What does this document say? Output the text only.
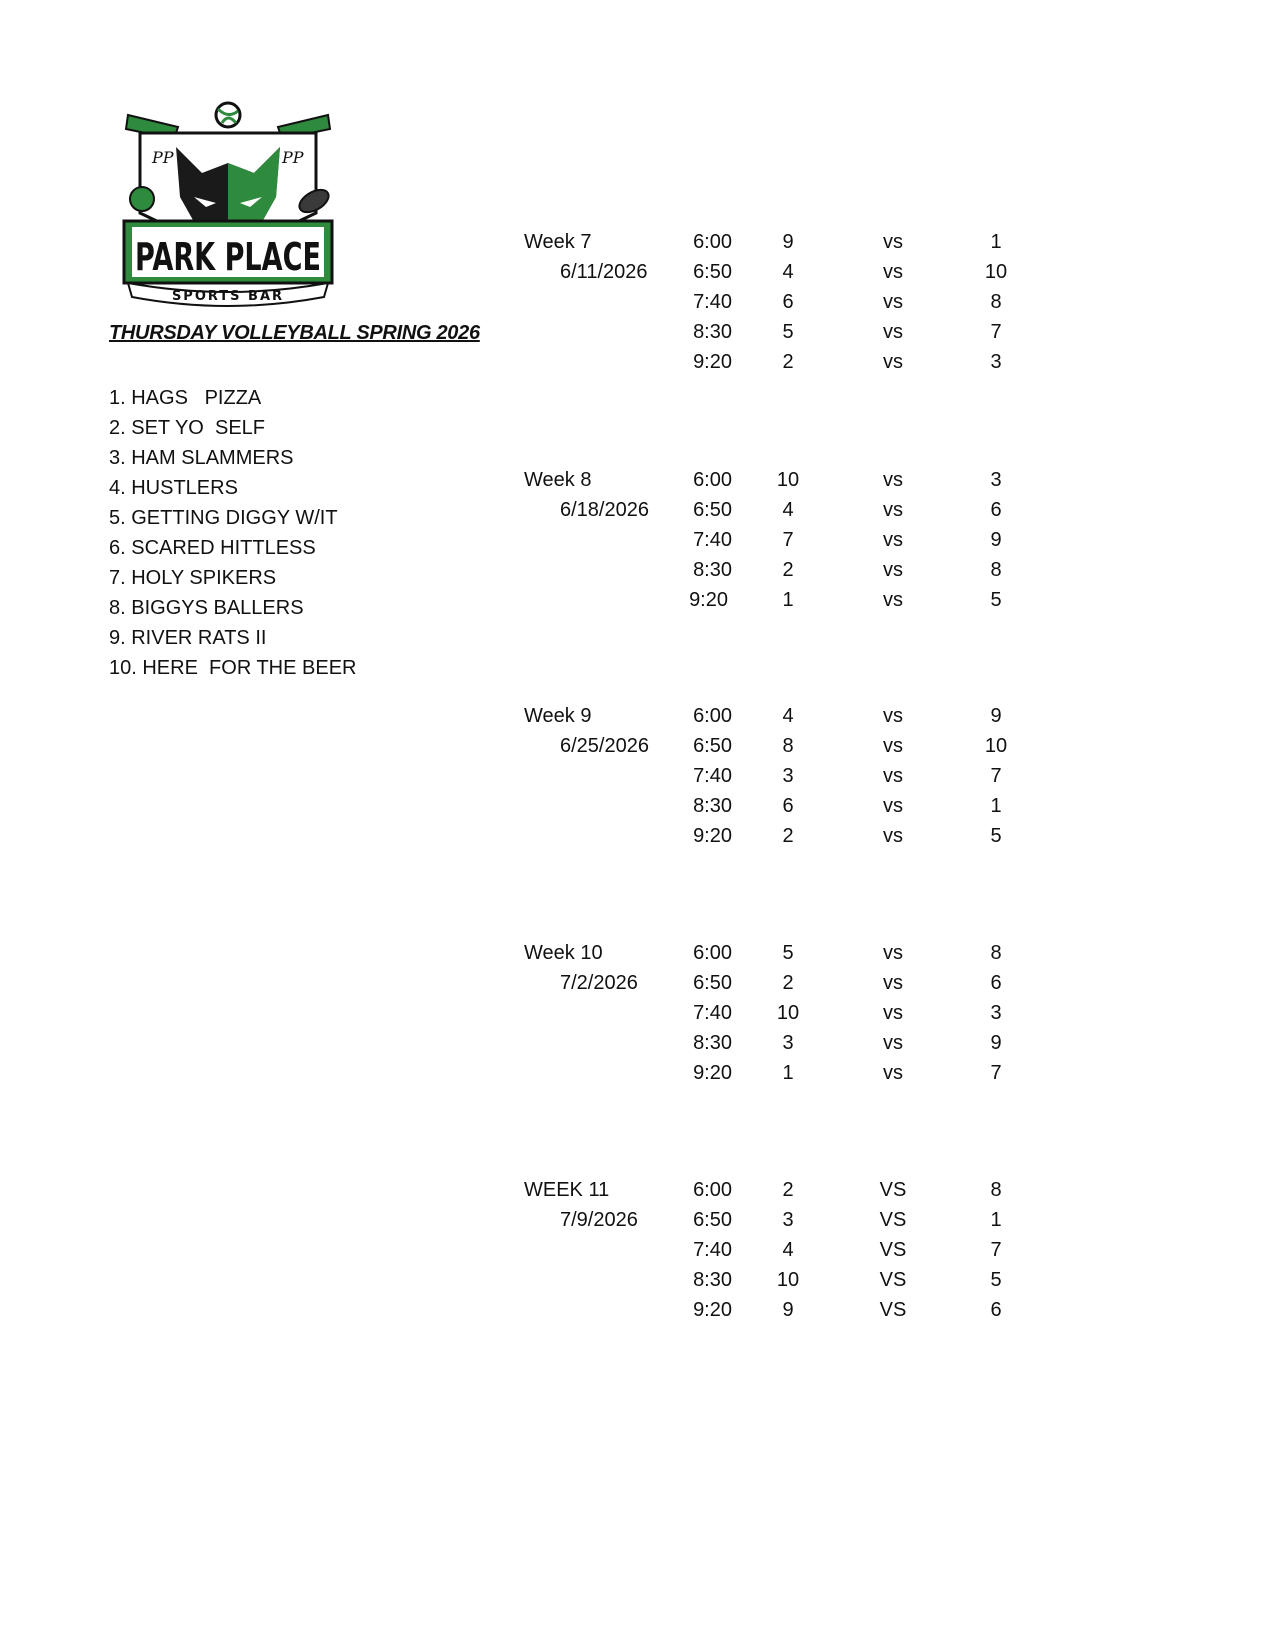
PP	PP
PARK PLACE
SPORTS BAR

THURSDAY VOLLEYBALL SPRING 2026

1. HAGS   PIZZA
2. SET YO  SELF
3. HAM SLAMMERS
4. HUSTLERS
5. GETTING DIGGY W/IT
6. SCARED HITTLESS
7. HOLY SPIKERS
8. BIGGYS BALLERS
9. RIVER RATS II
10. HERE  FOR THE BEER
Week 7	6:00	9	vs	1
6/11/2026	6:50	4	vs	10
7:40	6	vs	8
8:30	5	vs	7
9:20	2	vs	3
Week 8	6:00	10	vs	3
6/18/2026	6:50	4	vs	6
7:40	7	vs	9
8:30	2	vs	8
9:20	1	vs	5
Week 9	6:00	4	vs	9
6/25/2026	6:50	8	vs	10
7:40	3	vs	7
8:30	6	vs	1
9:20	2	vs	5
Week 10	6:00	5	vs	8
7/2/2026	6:50	2	vs	6
7:40	10	vs	3
8:30	3	vs	9
9:20	1	vs	7
WEEK 11	6:00	2	VS	8
7/9/2026	6:50	3	VS	1
7:40	4	VS	7
8:30	10	VS	5
9:20	9	VS	6
